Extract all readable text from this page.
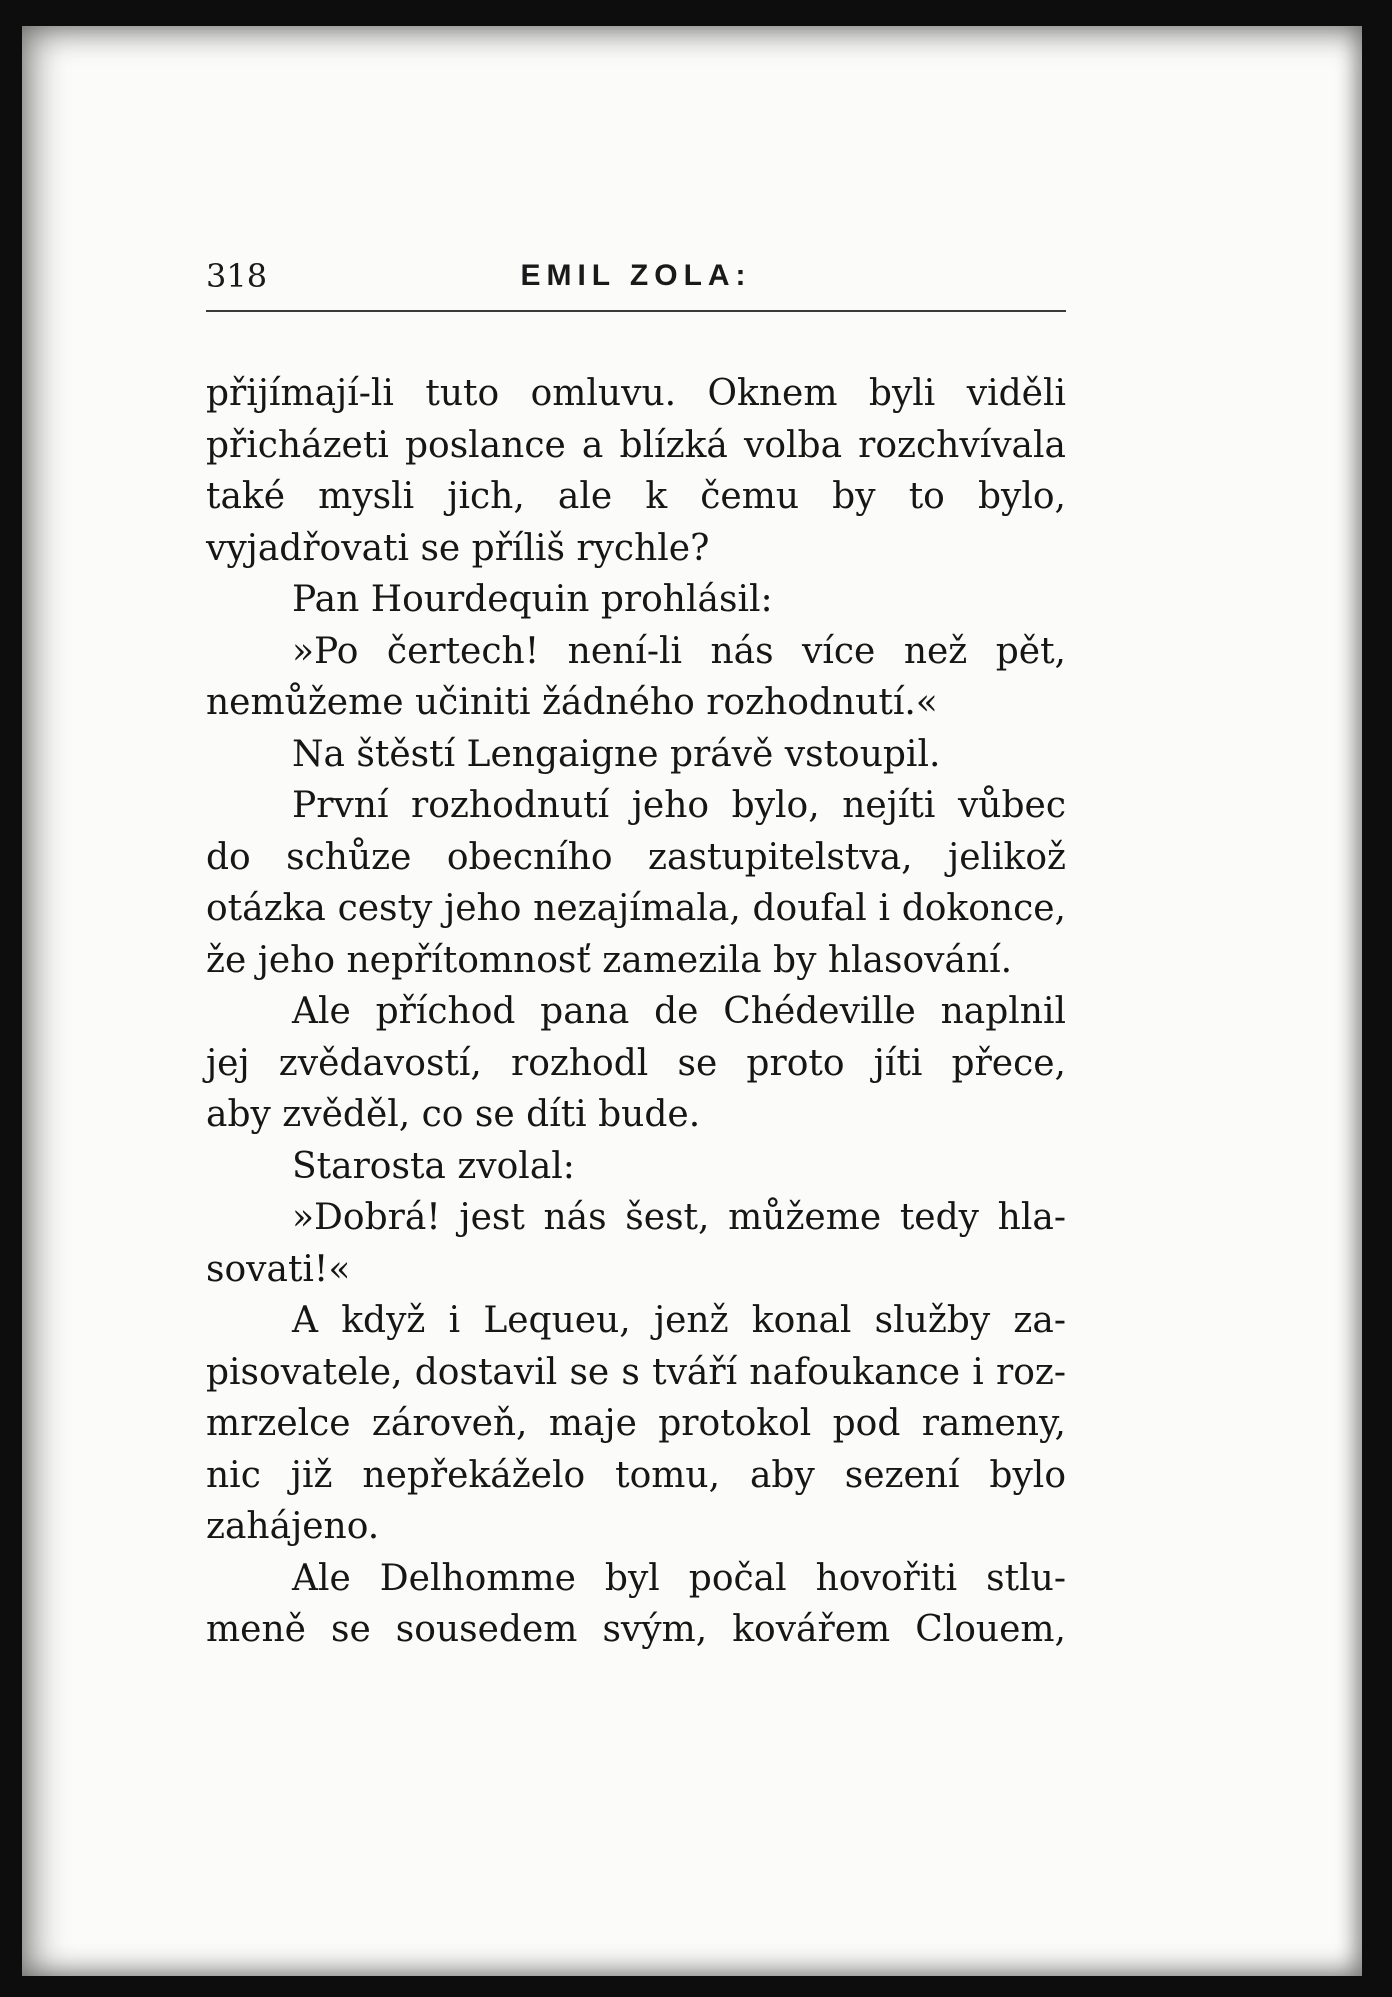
318	EMIL ZOLA:
přijímají-li tuto omluvu. Oknem byli viděli
přicházeti poslance a blízká volba rozchvívala
také mysli jich, ale k čemu by to bylo,
vyjadřovati se příliš rychle?
Pan Hourdequin prohlásil:
»Po čertech! není-li nás více než pět,
nemůžeme učiniti žádného rozhodnutí.«
Na štěstí Lengaigne právě vstoupil.
První rozhodnutí jeho bylo, nejíti vůbec
do schůze obecního zastupitelstva, jelikož
otázka cesty jeho nezajímala, doufal i dokonce,
že jeho nepřítomnosť zamezila by hlasování.
Ale příchod pana de Chédeville naplnil
jej zvědavostí, rozhodl se proto jíti přece,
aby zvěděl, co se díti bude.
Starosta zvolal:
»Dobrá! jest nás šest, můžeme tedy hla-
sovati!«
A když i Lequeu, jenž konal služby za-
pisovatele, dostavil se s tváří nafoukance i roz-
mrzelce zároveň, maje protokol pod rameny,
nic již nepřekáželo tomu, aby sezení bylo
zahájeno.
Ale Delhomme byl počal hovořiti stlu-
meně se sousedem svým, kovářem Clouem,
